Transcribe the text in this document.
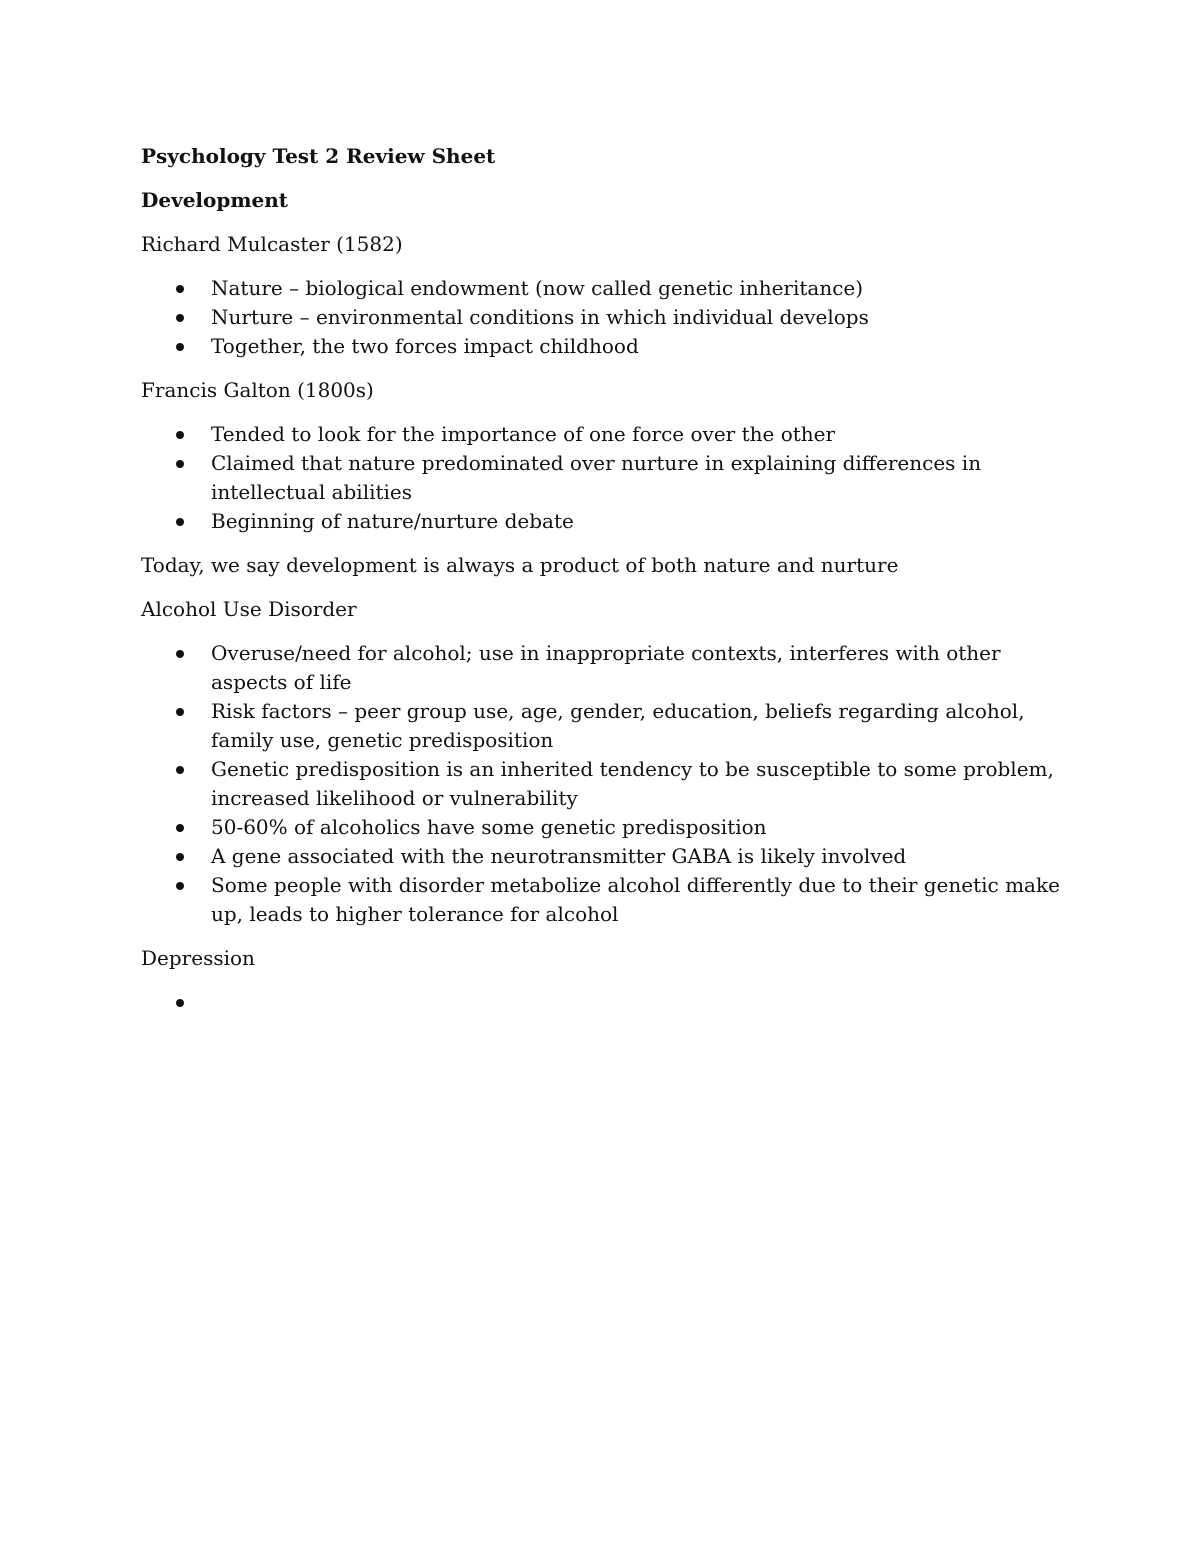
Psychology Test 2 Review Sheet
Development
Richard Mulcaster (1582)
Nature – biological endowment (now called genetic inheritance)
Nurture – environmental conditions in which individual develops
Together, the two forces impact childhood
Francis Galton (1800s)
Tended to look for the importance of one force over the other
Claimed that nature predominated over nurture in explaining differences in intellectual abilities
Beginning of nature/nurture debate
Today, we say development is always a product of both nature and nurture
Alcohol Use Disorder
Overuse/need for alcohol; use in inappropriate contexts, interferes with other aspects of life
Risk factors – peer group use, age, gender, education, beliefs regarding alcohol, family use, genetic predisposition
Genetic predisposition is an inherited tendency to be susceptible to some problem, increased likelihood or vulnerability
50-60% of alcoholics have some genetic predisposition
A gene associated with the neurotransmitter GABA is likely involved
Some people with disorder metabolize alcohol differently due to their genetic make up, leads to higher tolerance for alcohol
Depression
